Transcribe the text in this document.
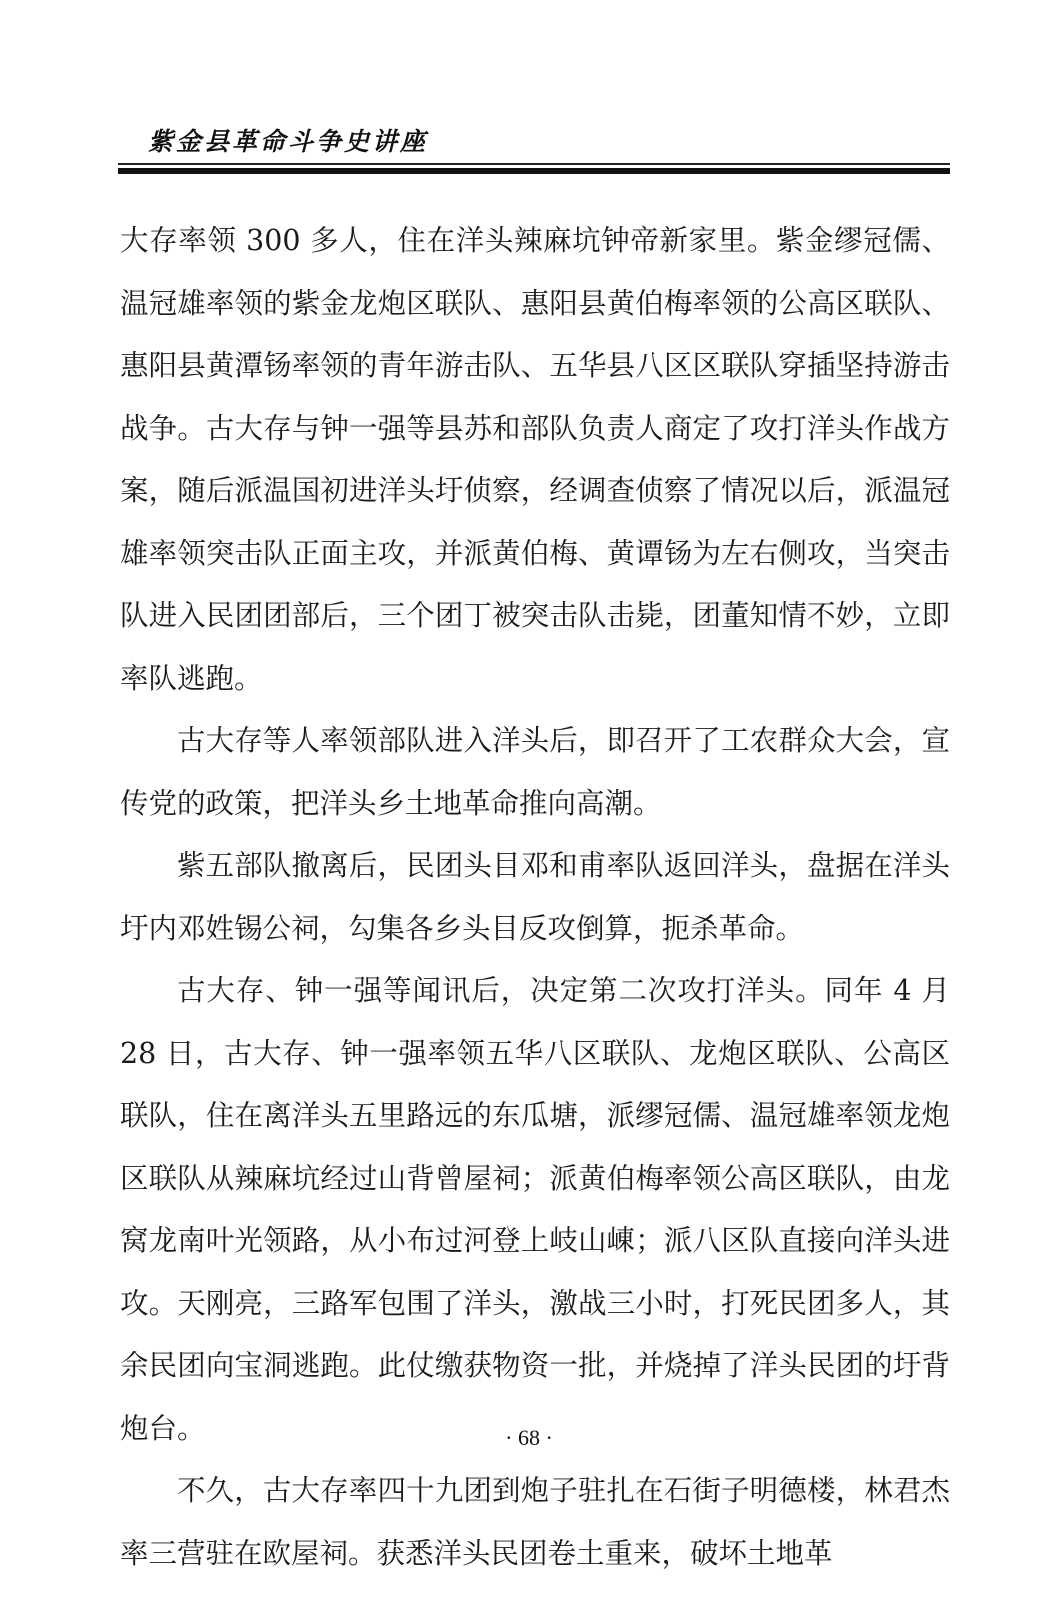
紫金县革命斗争史讲座

大存率领 300 多人，住在洋头辣麻坑钟帝新家里。紫金缪冠儒、温冠雄率领的紫金龙炮区联队、惠阳县黄伯梅率领的公高区联队、惠阳县黄潭钖率领的青年游击队、五华县八区区联队穿插坚持游击战争。古大存与钟一强等县苏和部队负责人商定了攻打洋头作战方案，随后派温国初进洋头圩侦察，经调查侦察了情况以后，派温冠雄率领突击队正面主攻，并派黄伯梅、黄谭钖为左右侧攻，当突击队进入民团团部后，三个团丁被突击队击毙，团董知情不妙，立即率队逃跑。

古大存等人率领部队进入洋头后，即召开了工农群众大会，宣传党的政策，把洋头乡土地革命推向高潮。

紫五部队撤离后，民团头目邓和甫率队返回洋头，盘据在洋头圩内邓姓锡公祠，勾集各乡头目反攻倒算，扼杀革命。

古大存、钟一强等闻讯后，决定第二次攻打洋头。同年 4 月 28 日，古大存、钟一强率领五华八区联队、龙炮区联队、公高区联队，住在离洋头五里路远的东瓜塘，派缪冠儒、温冠雄率领龙炮区联队从辣麻坑经过山背曾屋祠；派黄伯梅率领公高区联队，由龙窝龙南叶光领路，从小布过河登上岐山崠；派八区队直接向洋头进攻。天刚亮，三路军包围了洋头，激战三小时，打死民团多人，其余民团向宝洞逃跑。此仗缴获物资一批，并烧掉了洋头民团的圩背炮台。

不久，古大存率四十九团到炮子驻扎在石街子明德楼，林君杰率三营驻在欧屋祠。获悉洋头民团卷土重来，破坏土地革

· 68 ·
